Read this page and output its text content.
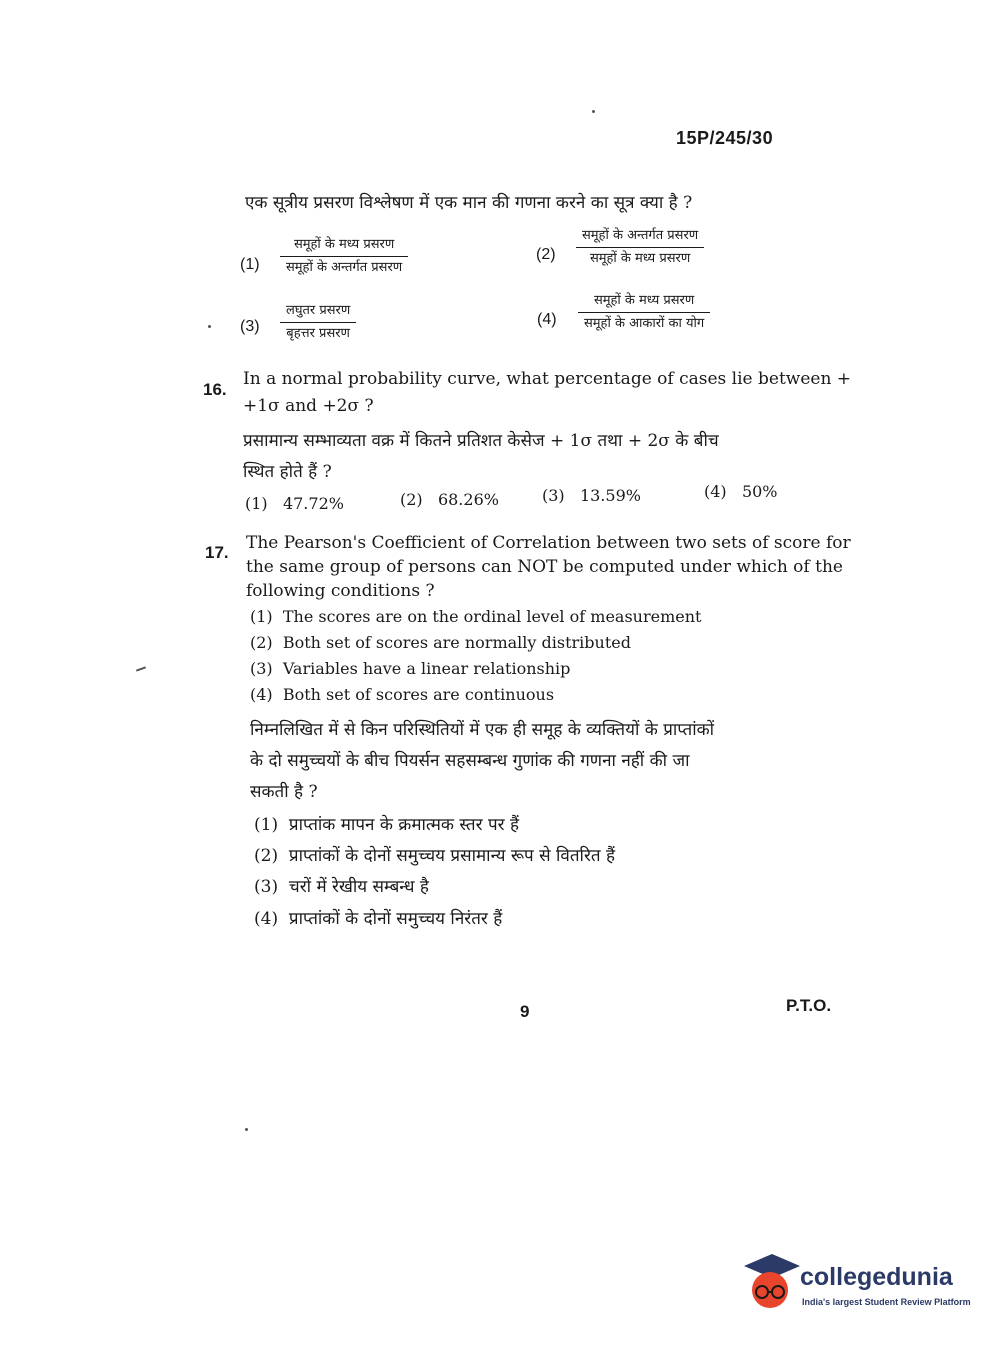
15P/245/30
एक सूत्रीय प्रसरण विश्लेषण में एक मान की गणना करने का सूत्र क्या है ?
(1)
समूहों के मध्य प्रसरण
समूहों के अन्तर्गत प्रसरण
(2)
समूहों के अन्तर्गत प्रसरण
समूहों के मध्य प्रसरण
(3)
लघुतर प्रसरण
बृहत्तर प्रसरण
(4)
समूहों के मध्य प्रसरण
समूहों के आकारों का योग
16.
In a normal probability curve, what percentage of cases lie between +
+1σ and +2σ ?
प्रसामान्य सम्भाव्यता वक्र में कितने प्रतिशत केसेज + 1σ तथा + 2σ के बीच
स्थित होते हैं ?
(1) 47.72%	(2) 68.26%	(3) 13.59%	(4) 50%
17. The Pearson's Coefficient of Correlation between two sets of score for
the same group of persons can NOT be computed under which of the
following conditions ?
(1) The scores are on the ordinal level of measurement
(2) Both set of scores are normally distributed
(3) Variables have a linear relationship
(4) Both set of scores are continuous
निम्नलिखित में से किन परिस्थितियों में एक ही समूह के व्यक्तियों के प्राप्तांकों
के दो समुच्चयों के बीच पियर्सन सहसम्बन्ध गुणांक की गणना नहीं की जा
सकती है ?
(1) प्राप्तांक मापन के क्रमात्मक स्तर पर हैं
(2) प्राप्तांकों के दोनों समुच्चय प्रसामान्य रूप से वितरित हैं
(3) चरों में रेखीय सम्बन्ध है
(4) प्राप्तांकों के दोनों समुच्चय निरंतर हैं
9	P.T.O.
collegedunia
India's largest Student Review Platform
